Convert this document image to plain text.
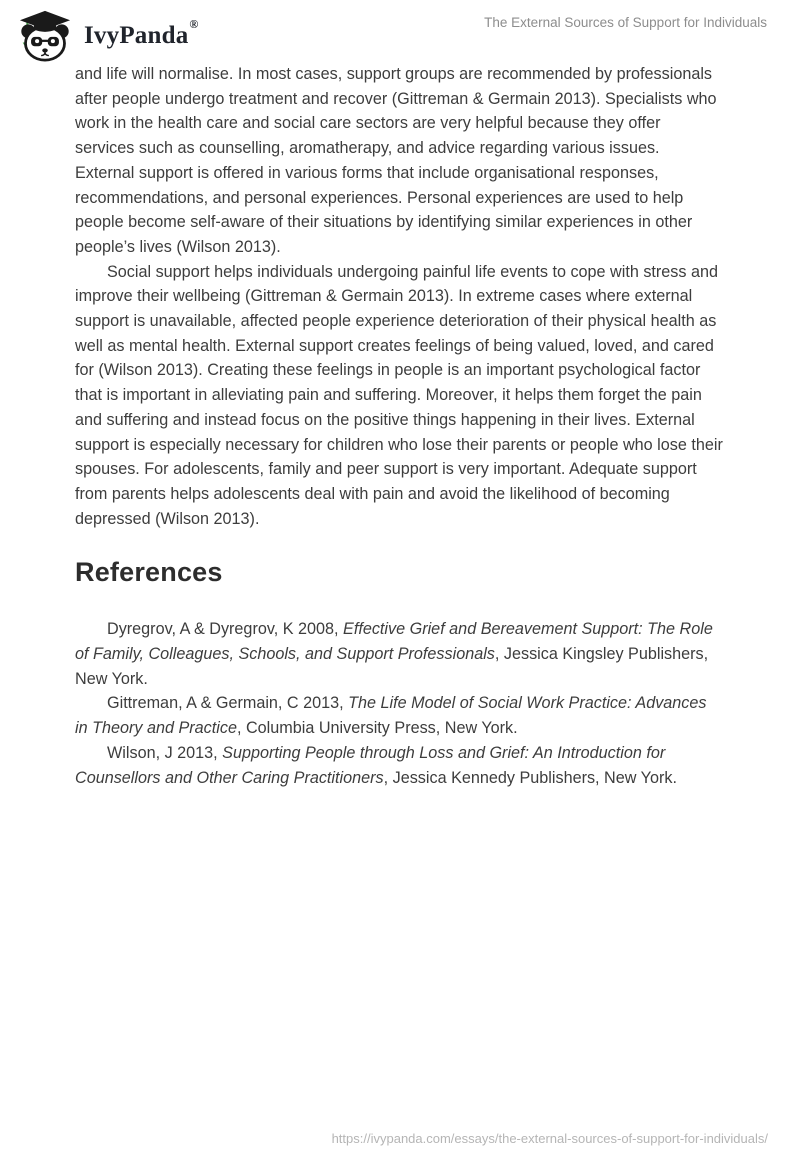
IvyPanda®	The External Sources of Support for Individuals

and life will normalise. In most cases, support groups are recommended by professionals after people undergo treatment and recover (Gittreman & Germain 2013). Specialists who work in the health care and social care sectors are very helpful because they offer services such as counselling, aromatherapy, and advice regarding various issues. External support is offered in various forms that include organisational responses, recommendations, and personal experiences. Personal experiences are used to help people become self-aware of their situations by identifying similar experiences in other people’s lives (Wilson 2013).

Social support helps individuals undergoing painful life events to cope with stress and improve their wellbeing (Gittreman & Germain 2013). In extreme cases where external support is unavailable, affected people experience deterioration of their physical health as well as mental health. External support creates feelings of being valued, loved, and cared for (Wilson 2013). Creating these feelings in people is an important psychological factor that is important in alleviating pain and suffering. Moreover, it helps them forget the pain and suffering and instead focus on the positive things happening in their lives. External support is especially necessary for children who lose their parents or people who lose their spouses. For adolescents, family and peer support is very important. Adequate support from parents helps adolescents deal with pain and avoid the likelihood of becoming depressed (Wilson 2013).

References

Dyregrov, A & Dyregrov, K 2008, Effective Grief and Bereavement Support: The Role of Family, Colleagues, Schools, and Support Professionals, Jessica Kingsley Publishers, New York.

Gittreman, A & Germain, C 2013, The Life Model of Social Work Practice: Advances in Theory and Practice, Columbia University Press, New York.

Wilson, J 2013, Supporting People through Loss and Grief: An Introduction for Counsellors and Other Caring Practitioners, Jessica Kennedy Publishers, New York.

https://ivypanda.com/essays/the-external-sources-of-support-for-individuals/
